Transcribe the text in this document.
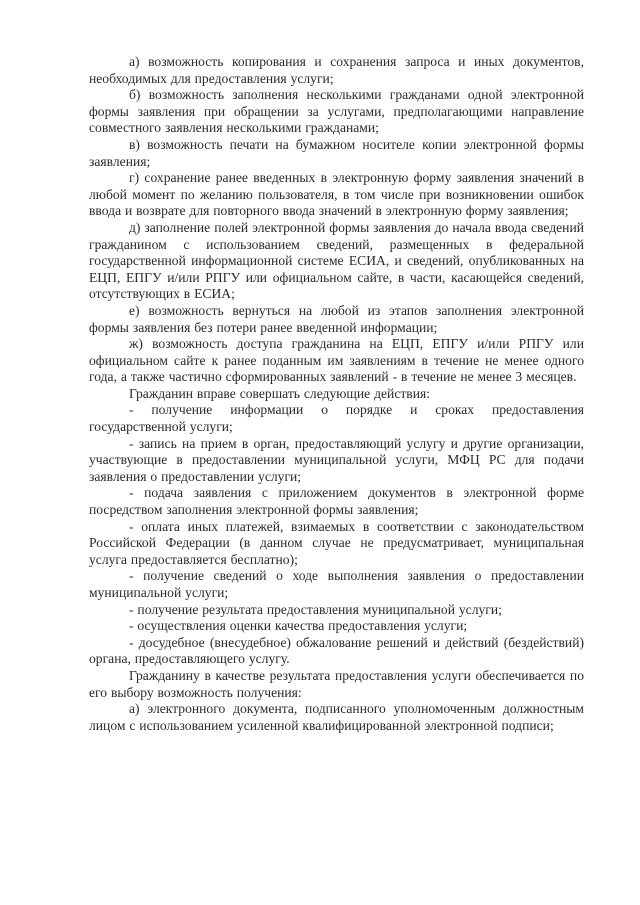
а) возможность копирования и сохранения запроса и иных документов, необходимых для предоставления услуги;

б) возможность заполнения несколькими гражданами одной электронной формы заявления при обращении за услугами, предполагающими направление совместного заявления несколькими гражданами;

в) возможность печати на бумажном носителе копии электронной формы заявления;

г) сохранение ранее введенных в электронную форму заявления значений в любой момент по желанию пользователя, в том числе при возникновении ошибок ввода и возврате для повторного ввода значений в электронную форму заявления;

д) заполнение полей электронной формы заявления до начала ввода сведений гражданином с использованием сведений, размещенных в федеральной государственной информационной системе ЕСИА, и сведений, опубликованных на ЕЦП, ЕПГУ и/или РПГУ или официальном сайте, в части, касающейся сведений, отсутствующих в ЕСИА;

е) возможность вернуться на любой из этапов заполнения электронной формы заявления без потери ранее введенной информации;

ж) возможность доступа гражданина на ЕЦП, ЕПГУ и/или РПГУ или официальном сайте к ранее поданным им заявлениям в течение не менее одного года, а также частично сформированных заявлений - в течение не менее 3 месяцев.

Гражданин вправе совершать следующие действия:

- получение информации о порядке и сроках предоставления государственной услуги;

- запись на прием в орган, предоставляющий услугу и другие организации, участвующие в предоставлении муниципальной услуги, МФЦ РС для подачи заявления о предоставлении услуги;

- подача заявления с приложением документов в электронной форме посредством заполнения электронной формы заявления;

- оплата иных платежей, взимаемых в соответствии с законодательством Российской Федерации (в данном случае не предусматривает, муниципальная услуга предоставляется бесплатно);

- получение сведений о ходе выполнения заявления о предоставлении муниципальной услуги;

- получение результата предоставления муниципальной услуги;

- осуществления оценки качества предоставления услуги;

- досудебное (внесудебное) обжалование решений и действий (бездействий) органа, предоставляющего услугу.

Гражданину в качестве результата предоставления услуги обеспечивается по его выбору возможность получения:

а) электронного документа, подписанного уполномоченным должностным лицом с использованием усиленной квалифицированной электронной подписи;
